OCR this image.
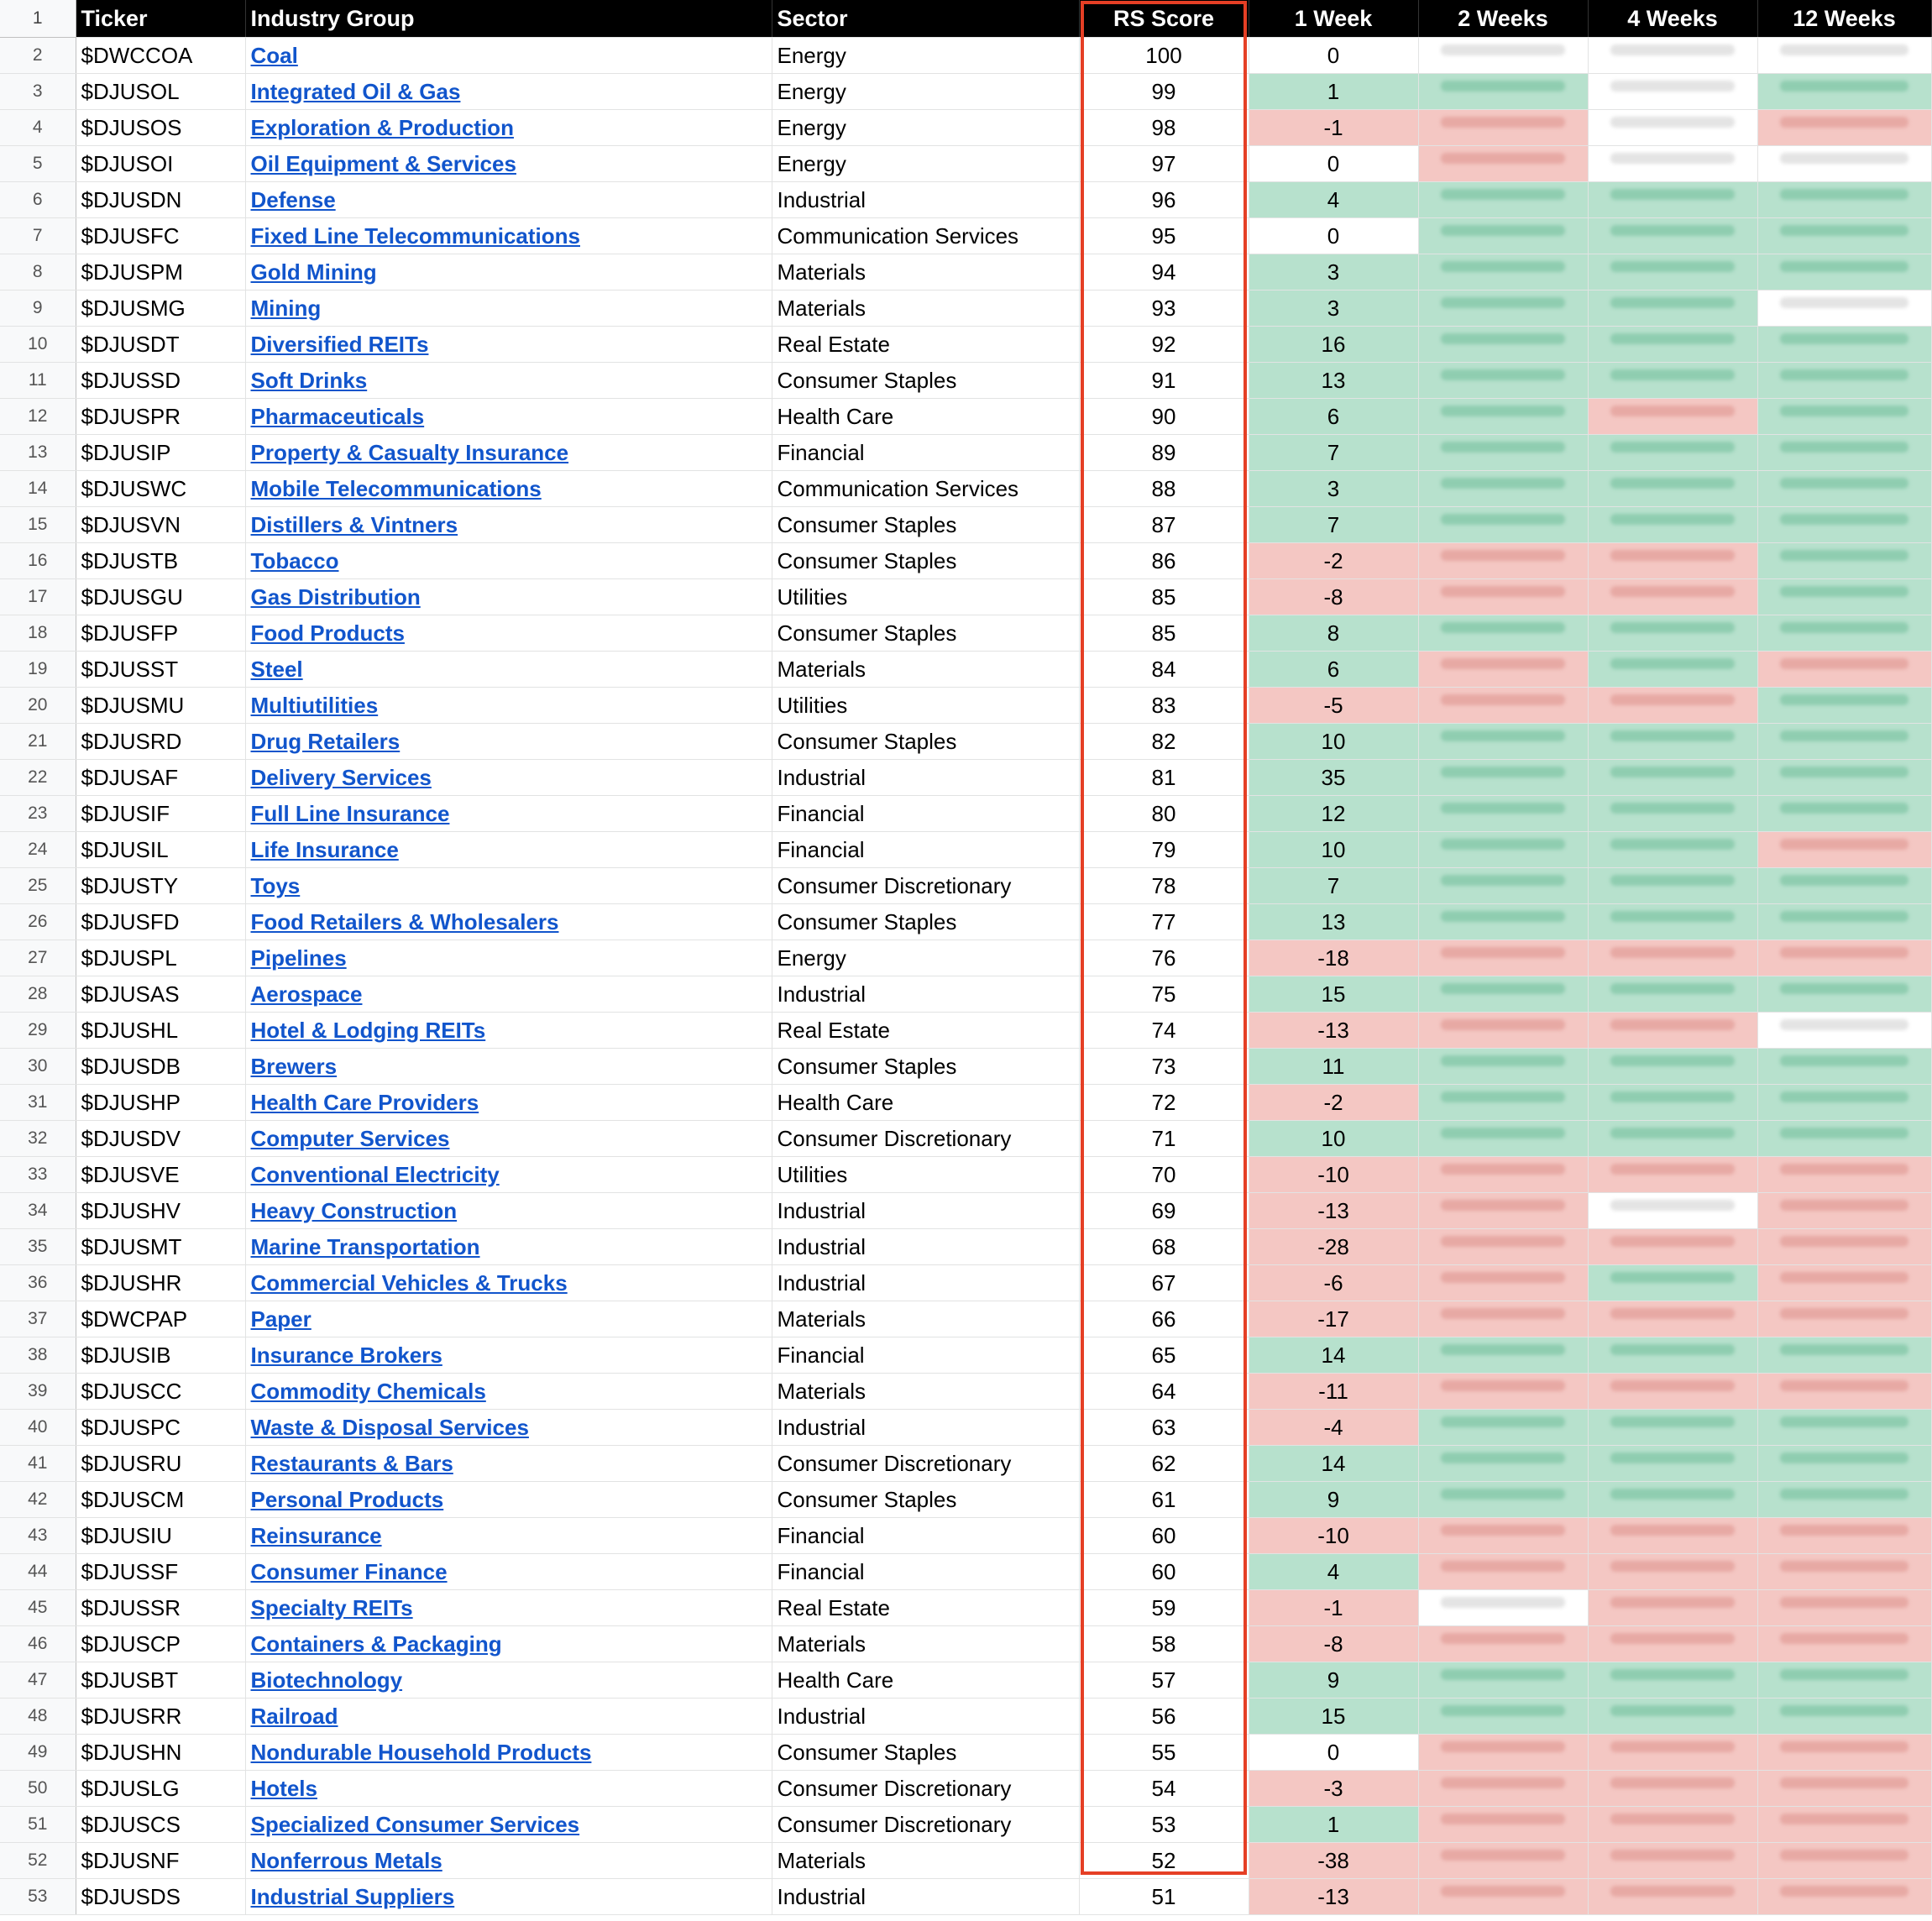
1	Ticker	Industry Group	Sector	RS Score	1 Week	2 Weeks	4 Weeks	12 Weeks
2	$DWCCOA	Coal	Energy	100	0	

3	$DJUSOL	Integrated Oil & Gas	Energy	99	1	

4	$DJUSOS	Exploration & Production	Energy	98	-1	

5	$DJUSOI	Oil Equipment & Services	Energy	97	0	

6	$DJUSDN	Defense	Industrial	96	4	

7	$DJUSFC	Fixed Line Telecommunications	Communication Services	95	0	

8	$DJUSPM	Gold Mining	Materials	94	3	

9	$DJUSMG	Mining	Materials	93	3	

10	$DJUSDT	Diversified REITs	Real Estate	92	16	

11	$DJUSSD	Soft Drinks	Consumer Staples	91	13	

12	$DJUSPR	Pharmaceuticals	Health Care	90	6	

13	$DJUSIP	Property & Casualty Insurance	Financial	89	7	

14	$DJUSWC	Mobile Telecommunications	Communication Services	88	3	

15	$DJUSVN	Distillers & Vintners	Consumer Staples	87	7	

16	$DJUSTB	Tobacco	Consumer Staples	86	-2	

17	$DJUSGU	Gas Distribution	Utilities	85	-8	

18	$DJUSFP	Food Products	Consumer Staples	85	8	

19	$DJUSST	Steel	Materials	84	6	

20	$DJUSMU	Multiutilities	Utilities	83	-5	

21	$DJUSRD	Drug Retailers	Consumer Staples	82	10	

22	$DJUSAF	Delivery Services	Industrial	81	35	

23	$DJUSIF	Full Line Insurance	Financial	80	12	

24	$DJUSIL	Life Insurance	Financial	79	10	

25	$DJUSTY	Toys	Consumer Discretionary	78	7	

26	$DJUSFD	Food Retailers & Wholesalers	Consumer Staples	77	13	

27	$DJUSPL	Pipelines	Energy	76	-18	

28	$DJUSAS	Aerospace	Industrial	75	15	

29	$DJUSHL	Hotel & Lodging REITs	Real Estate	74	-13	

30	$DJUSDB	Brewers	Consumer Staples	73	11	

31	$DJUSHP	Health Care Providers	Health Care	72	-2	

32	$DJUSDV	Computer Services	Consumer Discretionary	71	10	

33	$DJUSVE	Conventional Electricity	Utilities	70	-10	

34	$DJUSHV	Heavy Construction	Industrial	69	-13	

35	$DJUSMT	Marine Transportation	Industrial	68	-28	

36	$DJUSHR	Commercial Vehicles & Trucks	Industrial	67	-6	

37	$DWCPAP	Paper	Materials	66	-17	

38	$DJUSIB	Insurance Brokers	Financial	65	14	

39	$DJUSCC	Commodity Chemicals	Materials	64	-11	

40	$DJUSPC	Waste & Disposal Services	Industrial	63	-4	

41	$DJUSRU	Restaurants & Bars	Consumer Discretionary	62	14	

42	$DJUSCM	Personal Products	Consumer Staples	61	9	

43	$DJUSIU	Reinsurance	Financial	60	-10	

44	$DJUSSF	Consumer Finance	Financial	60	4	

45	$DJUSSR	Specialty REITs	Real Estate	59	-1	

46	$DJUSCP	Containers & Packaging	Materials	58	-8	

47	$DJUSBT	Biotechnology	Health Care	57	9	

48	$DJUSRR	Railroad	Industrial	56	15	

49	$DJUSHN	Nondurable Household Products	Consumer Staples	55	0	

50	$DJUSLG	Hotels	Consumer Discretionary	54	-3	

51	$DJUSCS	Specialized Consumer Services	Consumer Discretionary	53	1	

52	$DJUSNF	Nonferrous Metals	Materials	52	-38	

53	$DJUSDS	Industrial Suppliers	Industrial	51	-13	
